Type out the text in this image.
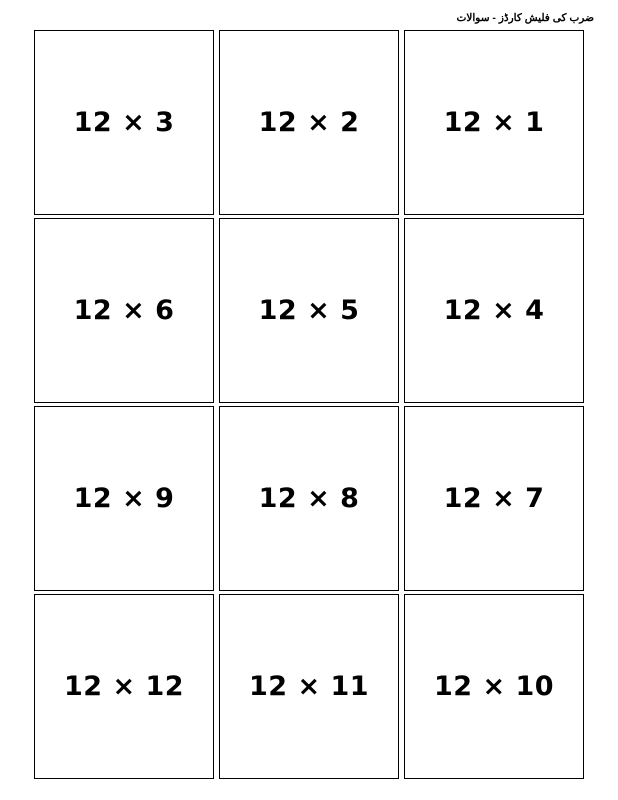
ضرب کی فلیش کارڈز - سوالات
12 × 1
12 × 2
12 × 3
12 × 4
12 × 5
12 × 6
12 × 7
12 × 8
12 × 9
12 × 10
12 × 11
12 × 12
